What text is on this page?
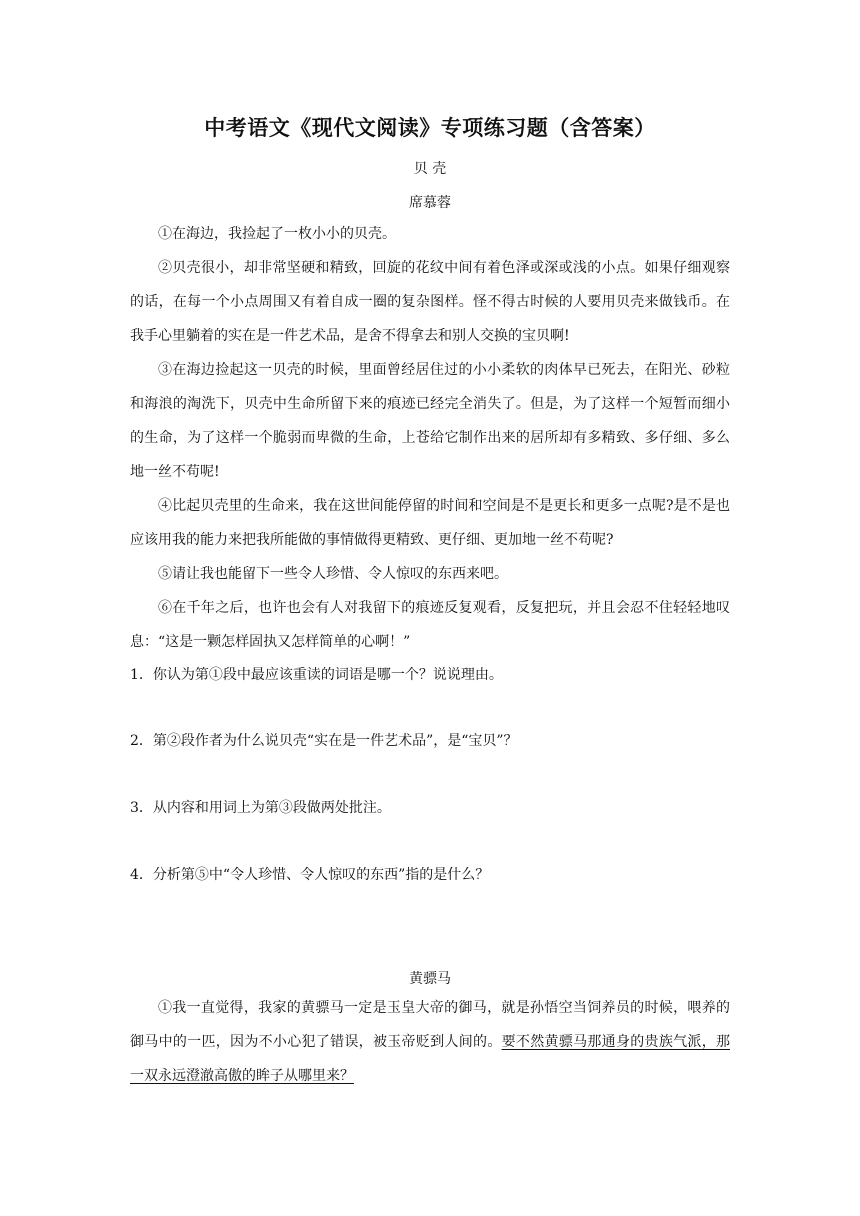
中考语文《现代文阅读》专项练习题（含答案）
贝 壳
席慕蓉
①在海边，我捡起了一枚小小的贝壳。
②贝壳很小，却非常坚硬和精致，回旋的花纹中间有着色泽或深或浅的小点。如果仔细观察的话，在每一个小点周围又有着自成一圈的复杂图样。怪不得古时候的人要用贝壳来做钱币。在我手心里躺着的实在是一件艺术品，是舍不得拿去和别人交换的宝贝啊!
③在海边捡起这一贝壳的时候，里面曾经居住过的小小柔软的肉体早已死去，在阳光、砂粒和海浪的淘洗下，贝壳中生命所留下来的痕迹已经完全消失了。但是，为了这样一个短暂而细小的生命，为了这样一个脆弱而卑微的生命，上苍给它制作出来的居所却有多精致、多仔细、多么地一丝不苟呢!
④比起贝壳里的生命来，我在这世间能停留的时间和空间是不是更长和更多一点呢?是不是也应该用我的能力来把我所能做的事情做得更精致、更仔细、更加地一丝不苟呢?
⑤请让我也能留下一些令人珍惜、令人惊叹的东西来吧。
⑥在千年之后，也许也会有人对我留下的痕迹反复观看，反复把玩，并且会忍不住轻轻地叹息：“这是一颗怎样固执又怎样简单的心啊！”
1．你认为第①段中最应该重读的词语是哪一个？说说理由。
2．第②段作者为什么说贝壳“实在是一件艺术品”，是“宝贝”？
3．从内容和用词上为第③段做两处批注。
4．分析第⑤中“令人珍惜、令人惊叹的东西”指的是什么？
黄骠马
①我一直觉得，我家的黄骠马一定是玉皇大帝的御马，就是孙悟空当饲养员的时候，喂养的御马中的一匹，因为不小心犯了错误，被玉帝贬到人间的。要不然黄骠马那通身的贵族气派，那一双永远澄澈高傲的眸子从哪里来？
